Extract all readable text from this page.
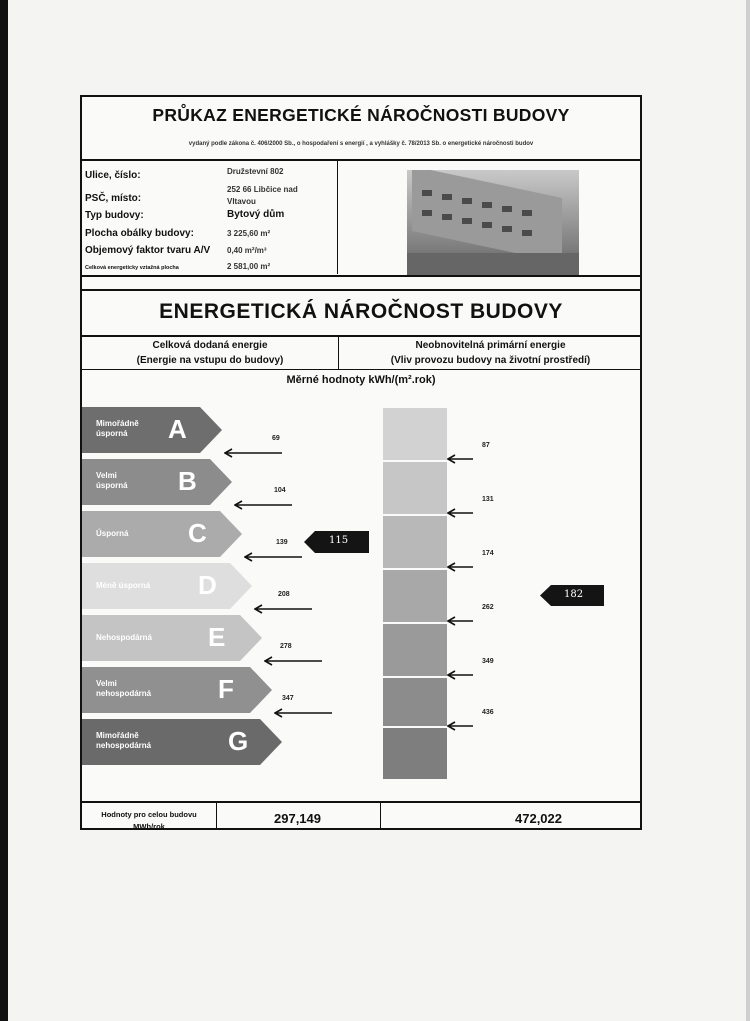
PRŮKAZ ENERGETICKÉ NÁROČNOSTI BUDOVY
vydaný podle zákona č. 406/2000 Sb., o hospodaření s energií , a vyhlášky č. 78/2013 Sb. o energetické náročnosti budov
Ulice, číslo:	Družstevní 802
PSČ, místo:
252 66 Libčice nad
Vltavou
Typ budovy:	Bytový dům
Plocha obálky budovy:	3 225,60 m²
Objemový faktor tvaru A/V 0,40 m²/m³
Celková energeticky vztažná plocha	2 581,00 m²
ENERGETICKÁ NÁROČNOST BUDOVY
Celková dodaná energie
(Energie na vstupu do budovy)
Neobnovitelná primární energie
(Vliv provozu budovy na životní prostředí)
Měrné hodnoty kWh/(m².rok)
Mimořádně
úsporná	A
Velmi
úsporná B
Úsporná C
Méně úsporná D
Nehospodárná E
Velmi
nehospodárná	F
Mimořádně
nehospodárná	G
69
104
139
208
278
347
87
131
174
262
349
436
115
182
Hodnoty pro celou budovu
MWh/rok
297,149	472,022
